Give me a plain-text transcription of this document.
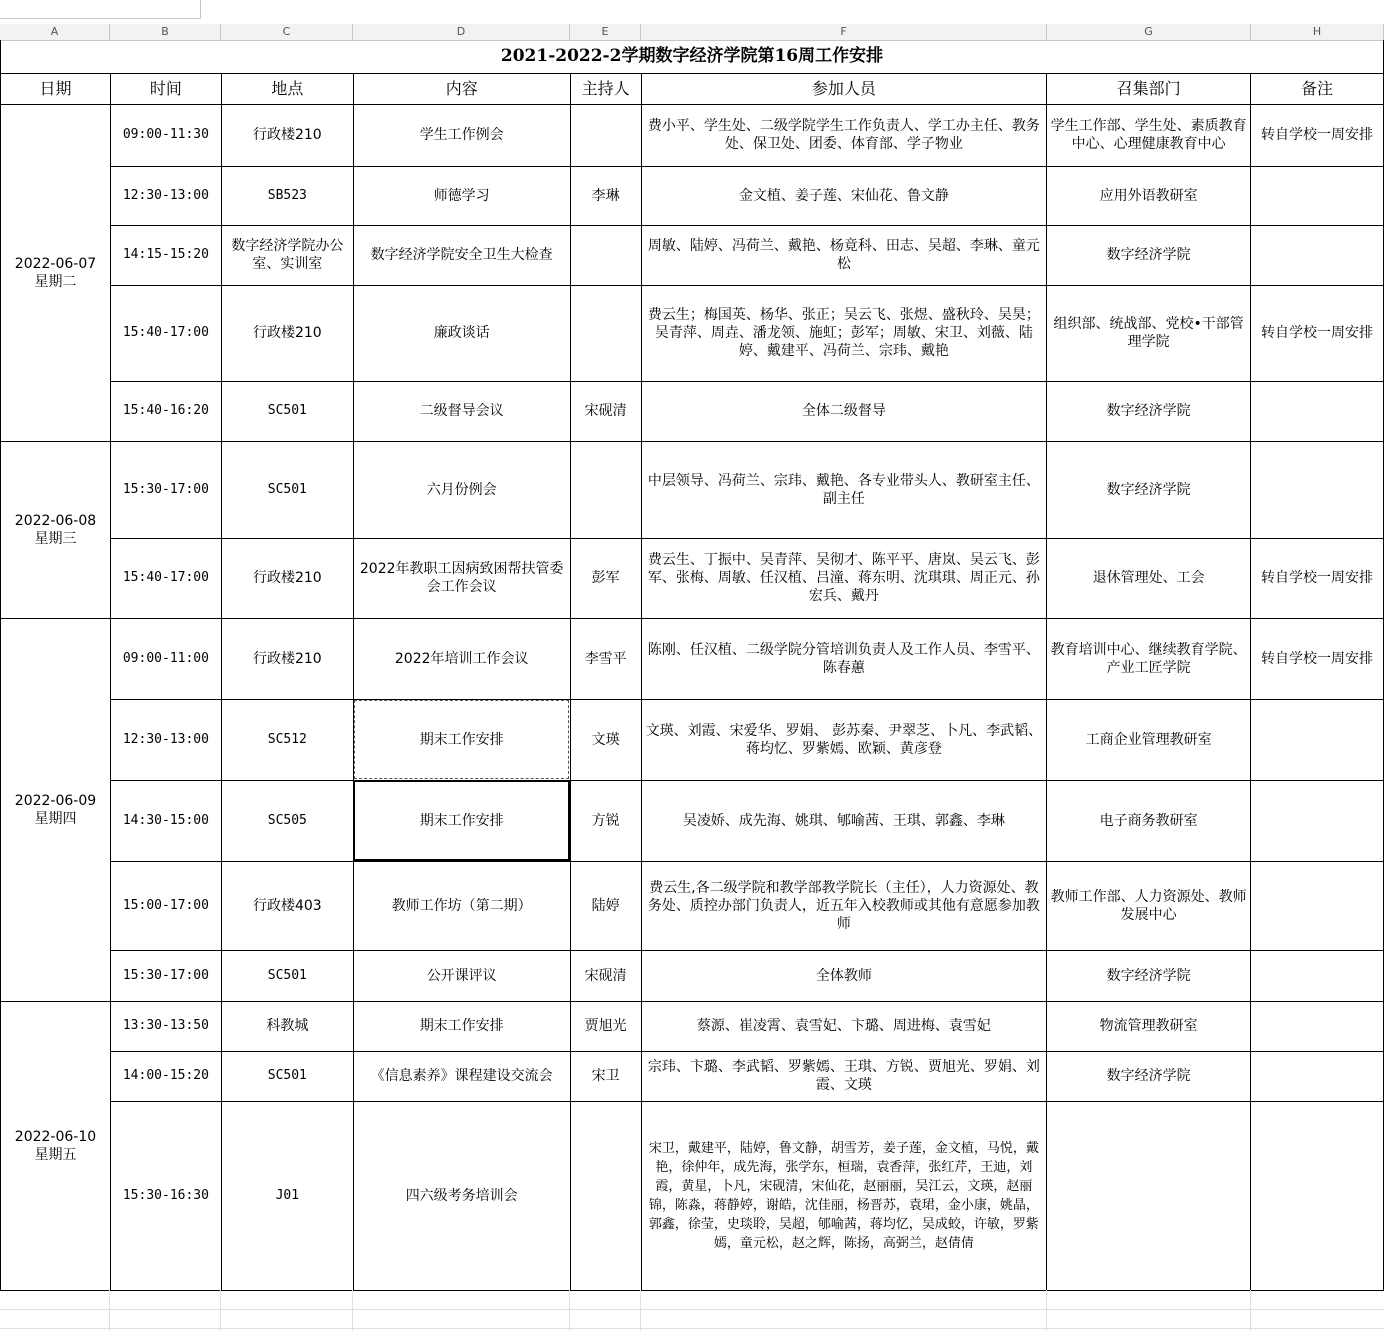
A	B	C	D	E	F	G	H
2021-2022-2学期数字经济学院第16周工作安排							
日期	时间	地点	内容	主持人	参加人员	召集部门	备注
2022-06-07
星期二	09:00-11:30	行政楼210	学生工作例会		费小平、学生处、二级学院学生工作负责人、学工办主任、教务处、保卫处、团委、体育部、学子物业	学生工作部、学生处、素质教育中心、心理健康教育中心	转自学校一周安排
	12:30-13:00	SB523	师德学习	李琳	金文植、姜子莲、宋仙花、鲁文静	应用外语教研室	
	14:15-15:20	数字经济学院办公室、实训室	数字经济学院安全卫生大检查		周敏、陆婷、冯荷兰、戴艳、杨竟科、田志、吴超、李琳、童元松	数字经济学院	
	15:40-17:00	行政楼210	廉政谈话		费云生；梅国英、杨华、张正；吴云飞、张煜、盛秋玲、吴昊；吴青萍、周垚、潘龙领、施虹；彭军；周敏、宋卫、刘薇、陆婷、戴建平、冯荷兰、宗玮、戴艳	组织部、统战部、党校•干部管理学院	转自学校一周安排
	15:40-16:20	SC501	二级督导会议	宋砚清	全体二级督导	数字经济学院	
2022-06-08
星期三	15:30-17:00	SC501	六月份例会		中层领导、冯荷兰、宗玮、戴艳、各专业带头人、教研室主任、副主任	数字经济学院	
	15:40-17:00	行政楼210	2022年教职工因病致困帮扶管委会工作会议	彭军	费云生、丁振中、吴青萍、吴彻才、陈平平、唐岚、吴云飞、彭军、张梅、周敏、任汉植、吕潼、蒋东明、沈琪琪、周正元、孙宏兵、戴丹	退休管理处、工会	转自学校一周安排
2022-06-09
星期四	09:00-11:00	行政楼210	2022年培训工作会议	李雪平	陈刚、任汉植、二级学院分管培训负责人及工作人员、李雪平、陈春蕙	教育培训中心、继续教育学院、产业工匠学院	转自学校一周安排
	12:30-13:00	SC512	期末工作安排	文瑛	文瑛、刘霞、宋爱华、罗娟、 彭苏秦、尹翠芝、卜凡、李武韬、蒋均忆、罗紫嫣、欧颖、黄彦登	工商企业管理教研室	
	14:30-15:00	SC505	期末工作安排	方锐	吴凌娇、成先海、姚琪、郇喻茜、王琪、郭鑫、李琳	电子商务教研室	
	15:00-17:00	行政楼403	教师工作坊（第二期）	陆婷	费云生,各二级学院和教学部教学院长（主任），人力资源处、教务处、质控办部门负责人，近五年入校教师或其他有意愿参加教师	教师工作部、人力资源处、教师发展中心	
	15:30-17:00	SC501	公开课评议	宋砚清	全体教师	数字经济学院	
2022-06-10
星期五	13:30-13:50	科教城	期末工作安排	贾旭光	蔡源、崔凌霄、袁雪妃、卞璐、周进梅、袁雪妃	物流管理教研室	
	14:00-15:20	SC501	《信息素养》课程建设交流会	宋卫	宗玮、卞璐、李武韬、罗紫嫣、王琪、方锐、贾旭光、罗娟、刘霞、文瑛	数字经济学院	
	15:30-16:30	J01	四六级考务培训会		宋卫，戴建平，陆婷，鲁文静，胡雪芳，姜子莲，金文植，马悦，戴艳，徐仲年，成先海，张学东，桓瑞，袁香萍，张红芹，王迪，刘霞，黄星，卜凡，宋砚清，宋仙花，赵丽丽，吴江云，文瑛，赵丽锦，陈淼，蒋静婷，谢皓，沈佳丽，杨晋苏，袁珺，金小康，姚晶，郭鑫，徐莹，史琰聆，吴超，郇喻茜，蒋均忆，吴成蛟，许敏，罗紫嫣，童元松，赵之辉，陈扬，高弼兰，赵倩倩		
